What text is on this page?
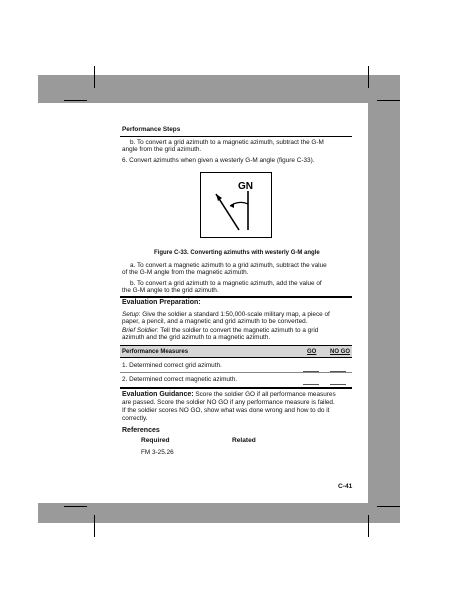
Performance Steps
b. To convert a grid azimuth to a magnetic azimuth, subtract the G-M
angle from the grid azimuth.
6. Convert azimuths when given a westerly G-M angle (figure C-33).
GN
Figure C-33. Converting azimuths with westerly G-M angle
a. To convert a magnetic azimuth to a grid azimuth, subtract the value
of the G-M angle from the magnetic azimuth.
b. To convert a grid azimuth to a magnetic azimuth, add the value of
the G-M angle to the grid azimuth.
Evaluation Preparation:
Setup: Give the soldier a standard 1:50,000-scale military map, a piece of
paper, a pencil, and a magnetic and grid azimuth to be converted.
Brief Soldier: Tell the soldier to convert the magnetic azimuth to a grid
azimuth and the grid azimuth to a magnetic azimuth.
Performance Measures	GO NO GO
1. Determined correct grid azimuth.
2. Determined correct magnetic azimuth.
Evaluation Guidance: Score the soldier GO if all performance measures
are passed. Score the soldier NO GO if any performance measure is failed.
If the soldier scores NO GO, show what was done wrong and how to do it
correctly.
References
Required	Related
FM 3-25.26
C-41
